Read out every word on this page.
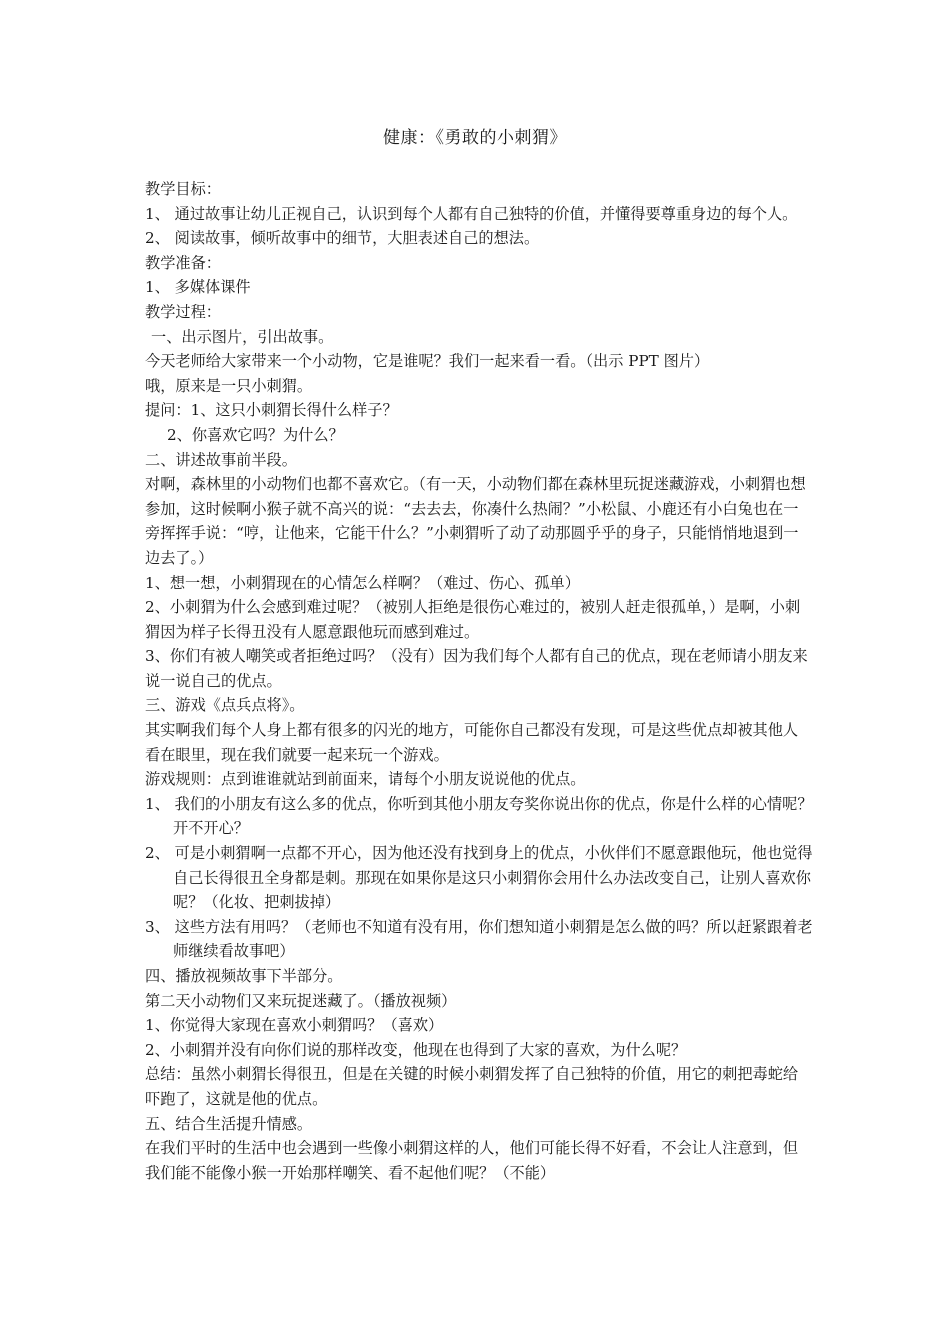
健康：《勇敢的小刺猬》

教学目标：

1、 通过故事让幼儿正视自己，认识到每个人都有自己独特的价值，并懂得要尊重身边的每个人。

2、 阅读故事，倾听故事中的细节，大胆表述自己的想法。

教学准备：

1、 多媒体课件

教学过程：

一、出示图片，引出故事。

今天老师给大家带来一个小动物，它是谁呢？我们一起来看一看。（出示 PPT 图片）

哦，原来是一只小刺猬。

提问：1、这只小刺猬长得什么样子？

2、你喜欢它吗？为什么？

二、讲述故事前半段。

对啊，森林里的小动物们也都不喜欢它。（有一天，小动物们都在森林里玩捉迷藏游戏，小刺猬也想参加，这时候啊小猴子就不高兴的说：“去去去，你凑什么热闹？”小松鼠、小鹿还有小白兔也在一旁挥挥手说：“哼，让他来，它能干什么？”小刺猬听了动了动那圆乎乎的身子，只能悄悄地退到一边去了。）

1、想一想，小刺猬现在的心情怎么样啊？（难过、伤心、孤单）

2、小刺猬为什么会感到难过呢？（被别人拒绝是很伤心难过的，被别人赶走很孤单，）是啊，小刺猬因为样子长得丑没有人愿意跟他玩而感到难过。

3、你们有被人嘲笑或者拒绝过吗？（没有）因为我们每个人都有自己的优点，现在老师请小朋友来说一说自己的优点。

三、游戏《点兵点将》。

其实啊我们每个人身上都有很多的闪光的地方，可能你自己都没有发现，可是这些优点却被其他人看在眼里，现在我们就要一起来玩一个游戏。

游戏规则：点到谁谁就站到前面来，请每个小朋友说说他的优点。

1、 我们的小朋友有这么多的优点，你听到其他小朋友夸奖你说出你的优点，你是什么样的心情呢？开不开心？

2、 可是小刺猬啊一点都不开心，因为他还没有找到身上的优点，小伙伴们不愿意跟他玩，他也觉得自己长得很丑全身都是刺。那现在如果你是这只小刺猬你会用什么办法改变自己，让别人喜欢你呢？（化妆、把刺拔掉）

3、 这些方法有用吗？（老师也不知道有没有用，你们想知道小刺猬是怎么做的吗？所以赶紧跟着老师继续看故事吧）

四、播放视频故事下半部分。

第二天小动物们又来玩捉迷藏了。（播放视频）

1、你觉得大家现在喜欢小刺猬吗？（喜欢）

2、小刺猬并没有向你们说的那样改变，他现在也得到了大家的喜欢，为什么呢？

总结：虽然小刺猬长得很丑，但是在关键的时候小刺猬发挥了自己独特的价值，用它的刺把毒蛇给吓跑了，这就是他的优点。

五、结合生活提升情感。

在我们平时的生活中也会遇到一些像小刺猬这样的人，他们可能长得不好看，不会让人注意到，但我们能不能像小猴一开始那样嘲笑、看不起他们呢？（不能）
